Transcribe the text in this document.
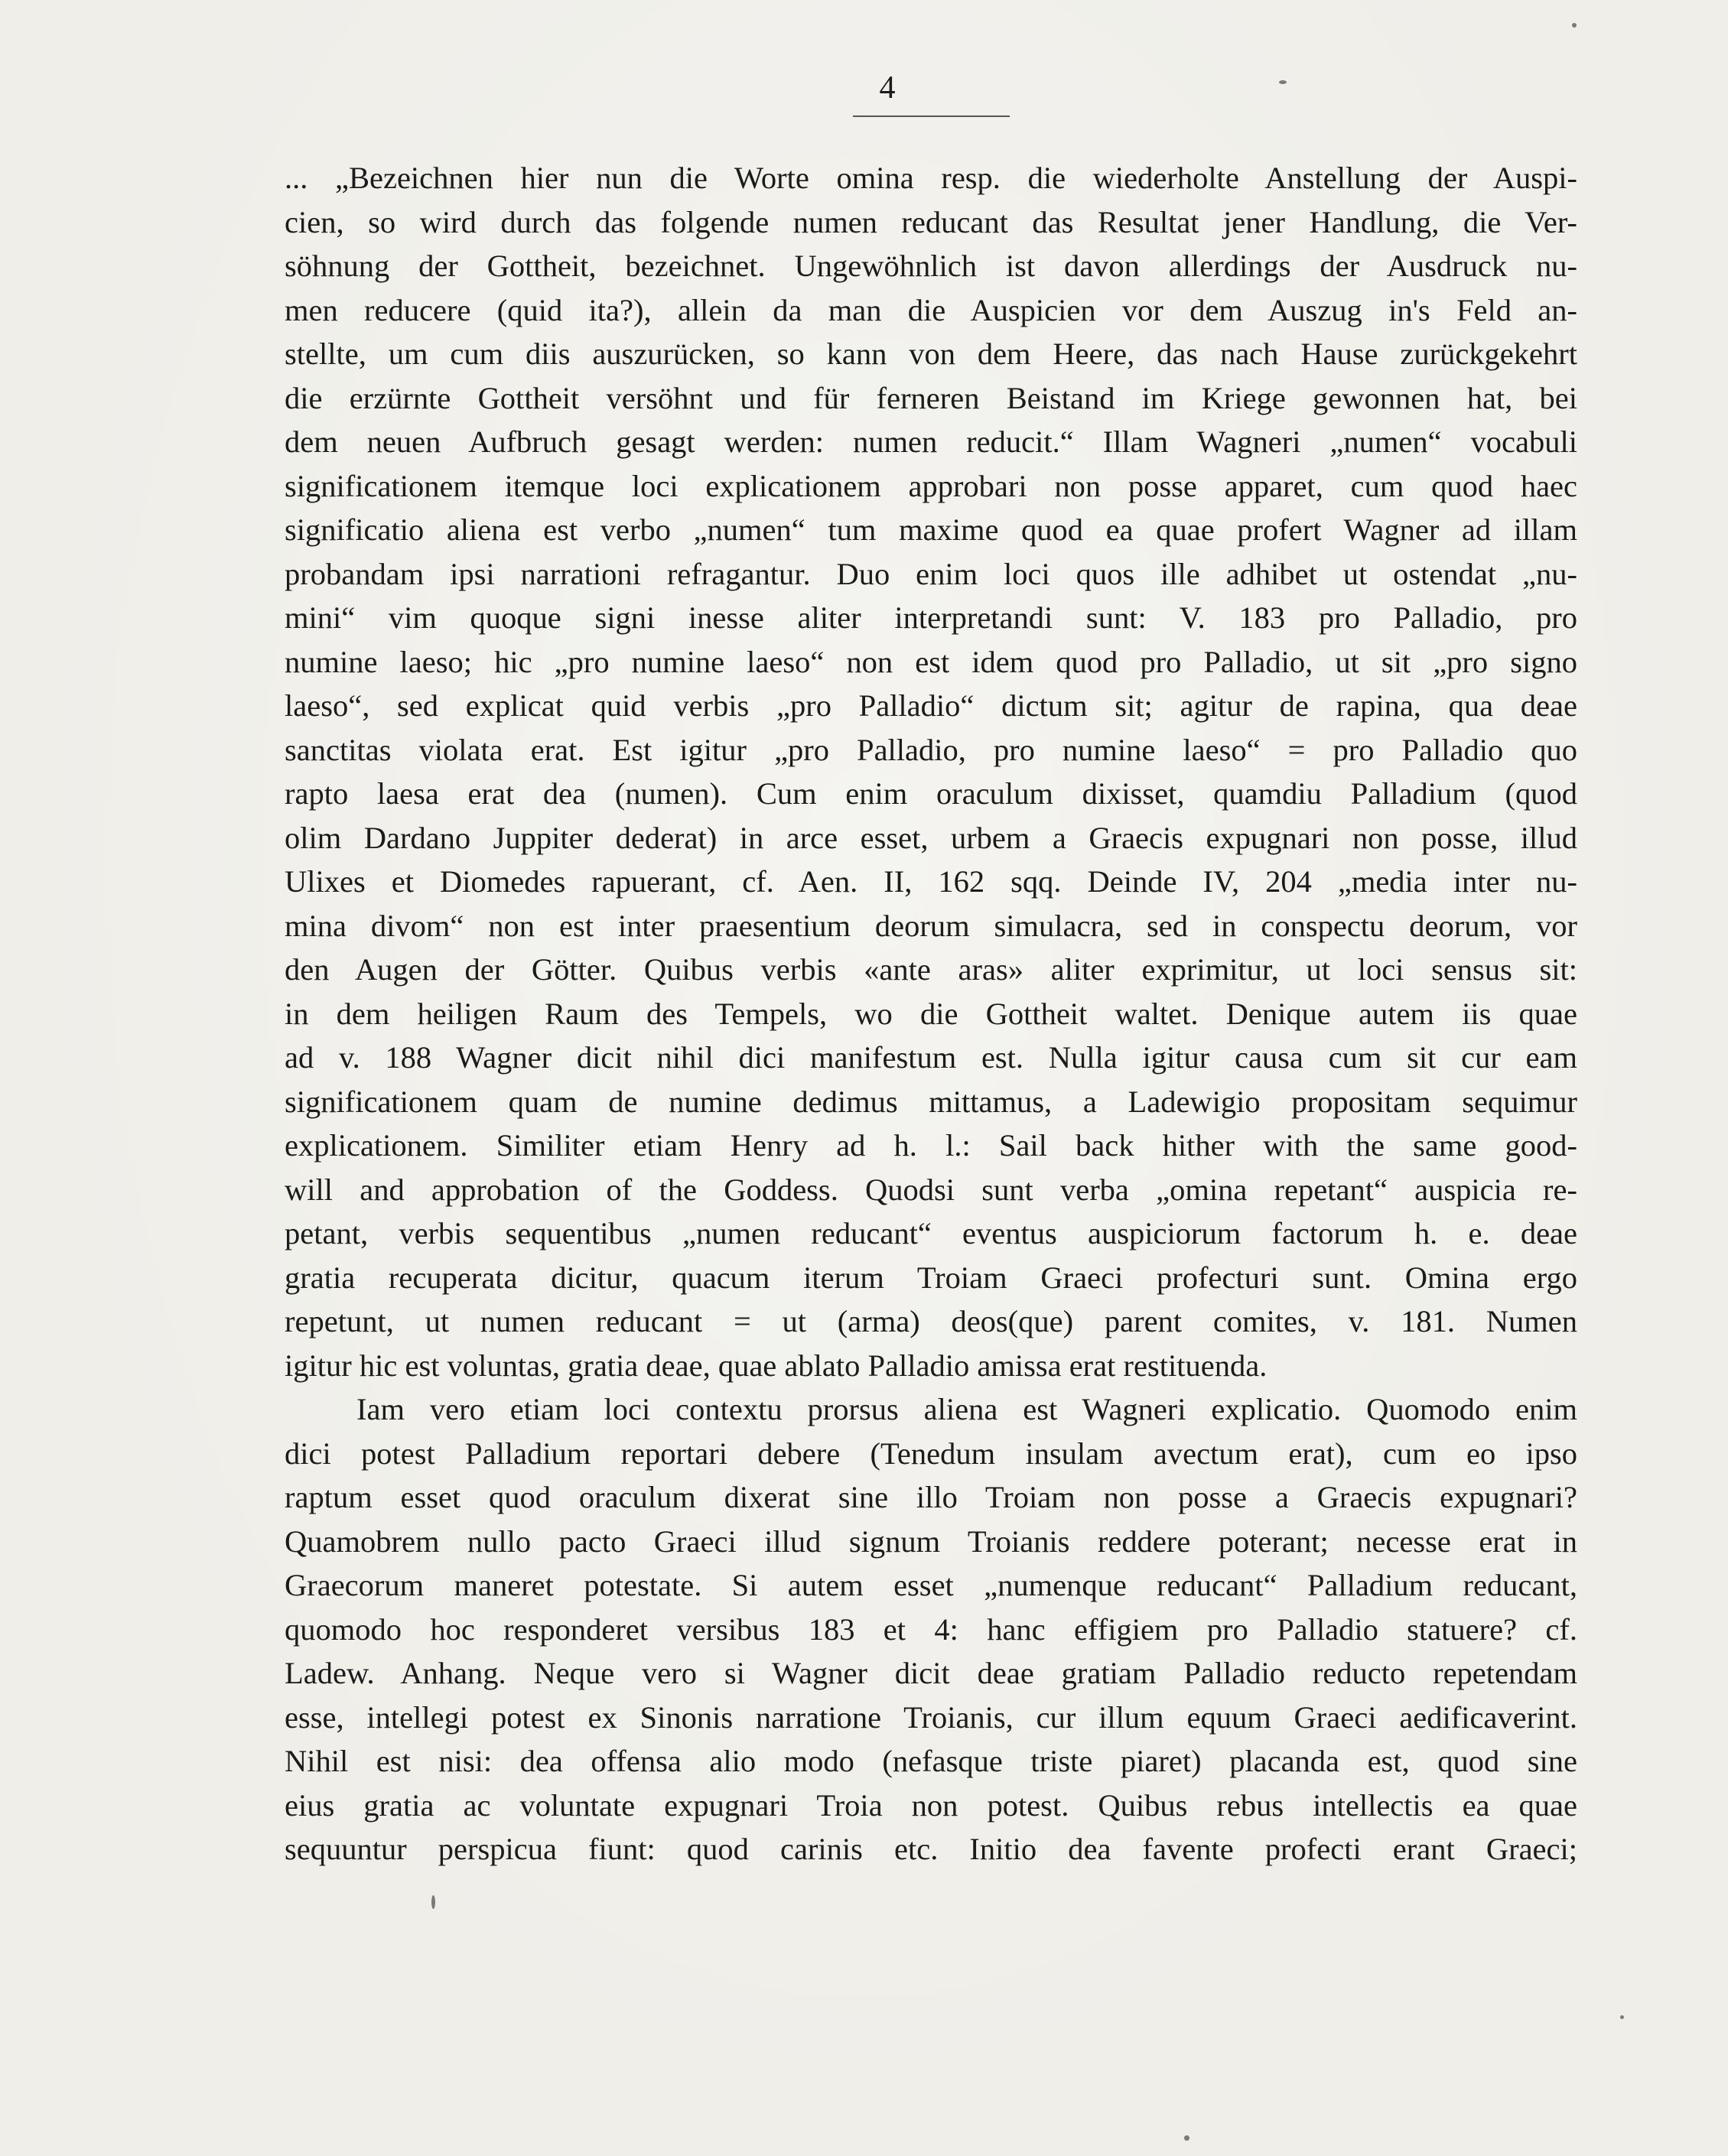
4
... „Bezeichnen hier nun die Worte omina resp. die wiederholte Anstellung der Auspi-
cien, so wird durch das folgende numen reducant das Resultat jener Handlung, die Ver-
söhnung der Gottheit, bezeichnet. Ungewöhnlich ist davon allerdings der Ausdruck nu-
men reducere (quid ita?), allein da man die Auspicien vor dem Auszug in's Feld an-
stellte, um cum diis auszurücken, so kann von dem Heere, das nach Hause zurückgekehrt
die erzürnte Gottheit versöhnt und für ferneren Beistand im Kriege gewonnen hat, bei
dem neuen Aufbruch gesagt werden: numen reducit.“ Illam Wagneri „numen“ vocabuli
significationem itemque loci explicationem approbari non posse apparet, cum quod haec
significatio aliena est verbo „numen“ tum maxime quod ea quae profert Wagner ad illam
probandam ipsi narrationi refragantur. Duo enim loci quos ille adhibet ut ostendat „nu-
mini“ vim quoque signi inesse aliter interpretandi sunt: V. 183 pro Palladio, pro
numine laeso; hic „pro numine laeso“ non est idem quod pro Palladio, ut sit „pro signo
laeso“, sed explicat quid verbis „pro Palladio“ dictum sit; agitur de rapina, qua deae
sanctitas violata erat. Est igitur „pro Palladio, pro numine laeso“ = pro Palladio quo
rapto laesa erat dea (numen). Cum enim oraculum dixisset, quamdiu Palladium (quod
olim Dardano Juppiter dederat) in arce esset, urbem a Graecis expugnari non posse, illud
Ulixes et Diomedes rapuerant, cf. Aen. II, 162 sqq. Deinde IV, 204 „media inter nu-
mina divom“ non est inter praesentium deorum simulacra, sed in conspectu deorum, vor
den Augen der Götter. Quibus verbis «ante aras» aliter exprimitur, ut loci sensus sit:
in dem heiligen Raum des Tempels, wo die Gottheit waltet. Denique autem iis quae
ad v. 188 Wagner dicit nihil dici manifestum est. Nulla igitur causa cum sit cur eam
significationem quam de numine dedimus mittamus, a Ladewigio propositam sequimur
explicationem. Similiter etiam Henry ad h. l.: Sail back hither with the same good-
will and approbation of the Goddess. Quodsi sunt verba „omina repetant“ auspicia re-
petant, verbis sequentibus „numen reducant“ eventus auspiciorum factorum h. e. deae
gratia recuperata dicitur, quacum iterum Troiam Graeci profecturi sunt. Omina ergo
repetunt, ut numen reducant = ut (arma) deos(que) parent comites, v. 181. Numen
igitur hic est voluntas, gratia deae, quae ablato Palladio amissa erat restituenda.
Iam vero etiam loci contextu prorsus aliena est Wagneri explicatio. Quomodo enim
dici potest Palladium reportari debere (Tenedum insulam avectum erat), cum eo ipso
raptum esset quod oraculum dixerat sine illo Troiam non posse a Graecis expugnari?
Quamobrem nullo pacto Graeci illud signum Troianis reddere poterant; necesse erat in
Graecorum maneret potestate. Si autem esset „numenque reducant“ Palladium reducant,
quomodo hoc responderet versibus 183 et 4: hanc effigiem pro Palladio statuere? cf.
Ladew. Anhang. Neque vero si Wagner dicit deae gratiam Palladio reducto repetendam
esse, intellegi potest ex Sinonis narratione Troianis, cur illum equum Graeci aedificaverint.
Nihil est nisi: dea offensa alio modo (nefasque triste piaret) placanda est, quod sine
eius gratia ac voluntate expugnari Troia non potest. Quibus rebus intellectis ea quae
sequuntur perspicua fiunt: quod carinis etc. Initio dea favente profecti erant Graeci;
